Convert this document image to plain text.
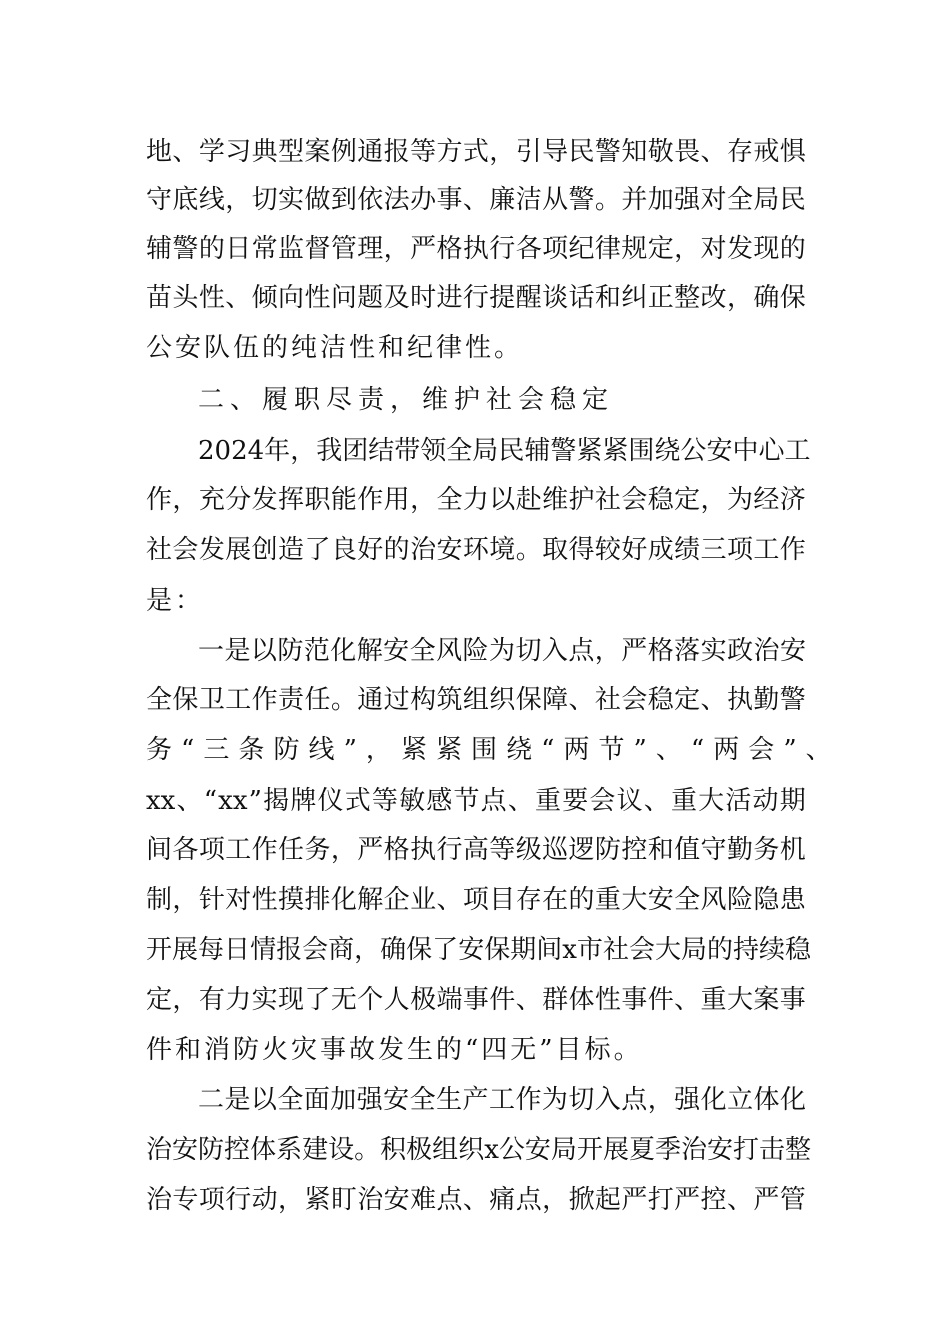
地 、 学 习 典 型 案 例 通 报 等 方 式 ， 引 导 民 警 知 敬 畏 、 存 戒 惧
守 底 线 ， 切 实 做 到 依 法 办 事 、 廉 洁 从 警 。 并 加 强 对 全 局 民
辅 警 的 日 常 监 督 管 理 ， 严 格 执 行 各 项 纪 律 规 定 ， 对 发 现 的
苗 头 性 、 倾 向 性 问 题 及 时 进 行 提 醒 谈 话 和 纠 正 整 改 ， 确 保
公安队伍的纯洁性和纪律性。
二、履职尽责，维护社会稳定
2024 年 ， 我 团 结 带 领 全 局 民 辅 警 紧 紧 围 绕 公 安 中 心 工
作 ， 充 分 发 挥 职 能 作 用 ， 全 力 以 赴 维 护 社 会 稳 定 ， 为 经 济
社 会 发 展 创 造 了 良 好 的 治 安 环 境 。 取 得 较 好 成 绩 三 项 工 作
是：
一 是 以 防 范 化 解 安 全 风 险 为 切 入 点 ， 严 格 落 实 政 治 安
全 保 卫 工 作 责 任 。 通 过 构 筑 组 织 保 障 、 社 会 稳 定 、 执 勤 警
务 “ 三 条 防 线 ” ， 紧 紧 围 绕 “ 两 节 ” 、 “ 两 会 ” 、
xx 、 “ xx ” 揭 牌 仪 式 等 敏 感 节 点 、 重 要 会 议 、 重 大 活 动 期
间 各 项 工 作 任 务 ， 严 格 执 行 高 等 级 巡 逻 防 控 和 值 守 勤 务 机
制 ， 针 对 性 摸 排 化 解 企 业 、 项 目 存 在 的 重 大 安 全 风 险 隐 患
开 展 每 日 情 报 会 商 ， 确 保 了 安 保 期 间 x 市 社 会 大 局 的 持 续 稳
定 ， 有 力 实 现 了 无 个 人 极 端 事 件 、 群 体 性 事 件 、 重 大 案 事
件和消防火灾事故发生的“四无”目标。
二 是 以 全 面 加 强 安 全 生 产 工 作 为 切 入 点 ， 强 化 立 体 化
治 安 防 控 体 系 建 设 。 积 极 组 织 x 公 安 局 开 展 夏 季 治 安 打 击 整
治 专 项 行 动 ， 紧 盯 治 安 难 点 、 痛 点 ， 掀 起 严 打 严 控 、 严 管
